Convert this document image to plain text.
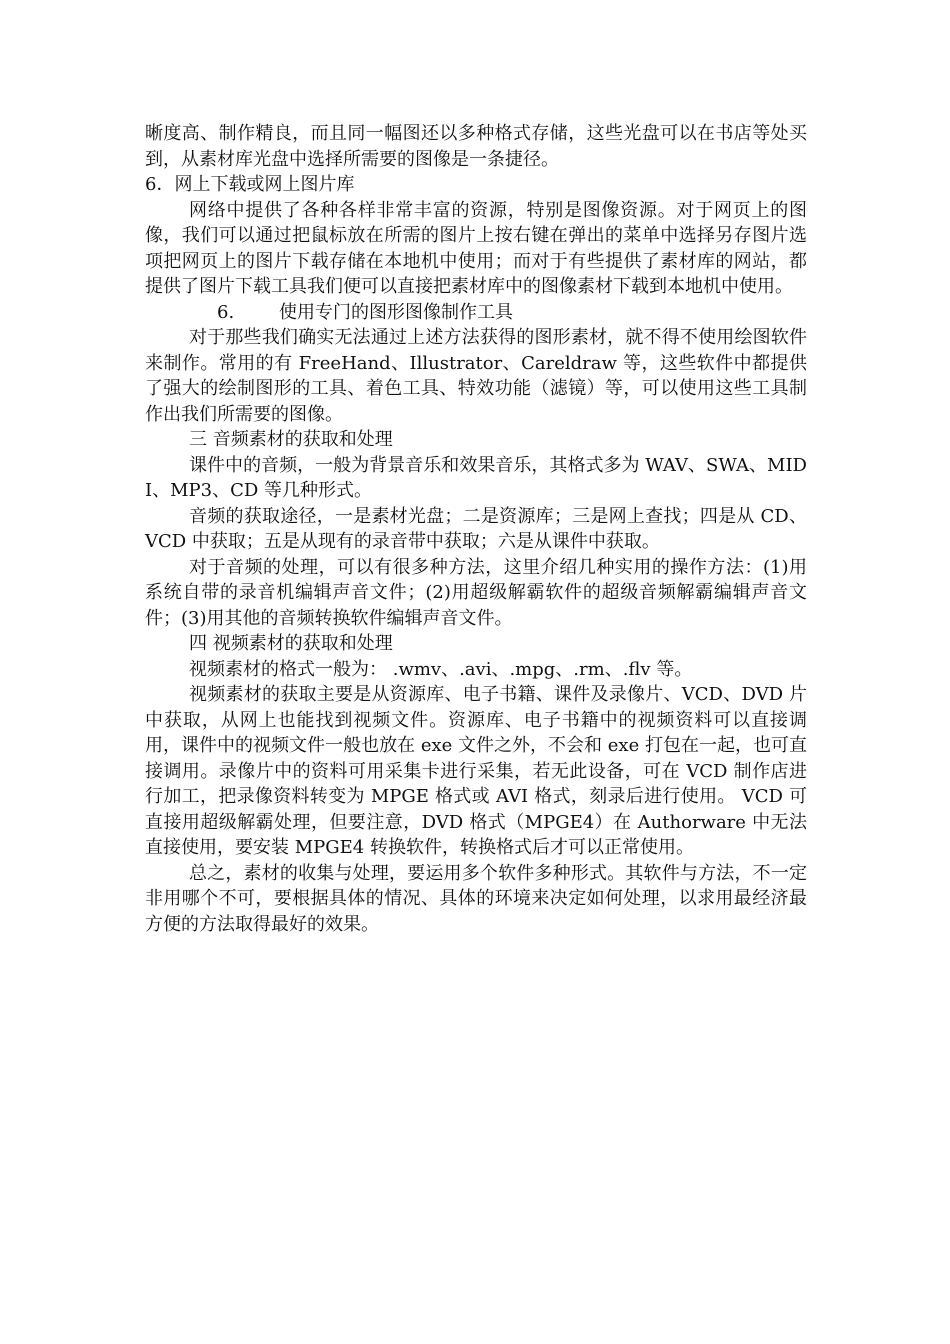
晰度高、制作精良，而且同一幅图还以多种格式存储，这些光盘可以在书店等处买到，从素材库光盘中选择所需要的图像是一条捷径。

6．网上下载或网上图片库

网络中提供了各种各样非常丰富的资源，特别是图像资源。对于网页上的图像，我们可以通过把鼠标放在所需的图片上按右键在弹出的菜单中选择另存图片选项把网页上的图片下载存储在本地机中使用；而对于有些提供了素材库的网站，都提供了图片下载工具我们便可以直接把素材库中的图像素材下载到本地机中使用。

6. 使用专门的图形图像制作工具

对于那些我们确实无法通过上述方法获得的图形素材，就不得不使用绘图软件来制作。常用的有 FreeHand、Illustrator、Careldraw 等，这些软件中都提供了强大的绘制图形的工具、着色工具、特效功能（滤镜）等，可以使用这些工具制作出我们所需要的图像。

三 音频素材的获取和处理

课件中的音频，一般为背景音乐和效果音乐，其格式多为 WAV、SWA、MIDI、MP3、CD 等几种形式。

音频的获取途径，一是素材光盘；二是资源库；三是网上查找；四是从 CD、VCD 中获取；五是从现有的录音带中获取；六是从课件中获取。

对于音频的处理，可以有很多种方法，这里介绍几种实用的操作方法：(1)用系统自带的录音机编辑声音文件；(2)用超级解霸软件的超级音频解霸编辑声音文件；(3)用其他的音频转换软件编辑声音文件。

四 视频素材的获取和处理

视频素材的格式一般为： .wmv、.avi、.mpg、.rm、.flv 等。

视频素材的获取主要是从资源库、电子书籍、课件及录像片、VCD、DVD 片中获取，从网上也能找到视频文件。资源库、电子书籍中的视频资料可以直接调用，课件中的视频文件一般也放在 exe 文件之外，不会和 exe 打包在一起，也可直接调用。录像片中的资料可用采集卡进行采集，若无此设备，可在 VCD 制作店进行加工，把录像资料转变为 MPGE 格式或 AVI 格式，刻录后进行使用。 VCD 可直接用超级解霸处理，但要注意，DVD 格式（MPGE4）在 Authorware 中无法直接使用，要安装 MPGE4 转换软件，转换格式后才可以正常使用。

总之，素材的收集与处理，要运用多个软件多种形式。其软件与方法，不一定非用哪个不可，要根据具体的情况、具体的环境来决定如何处理，以求用最经济最方便的方法取得最好的效果。
